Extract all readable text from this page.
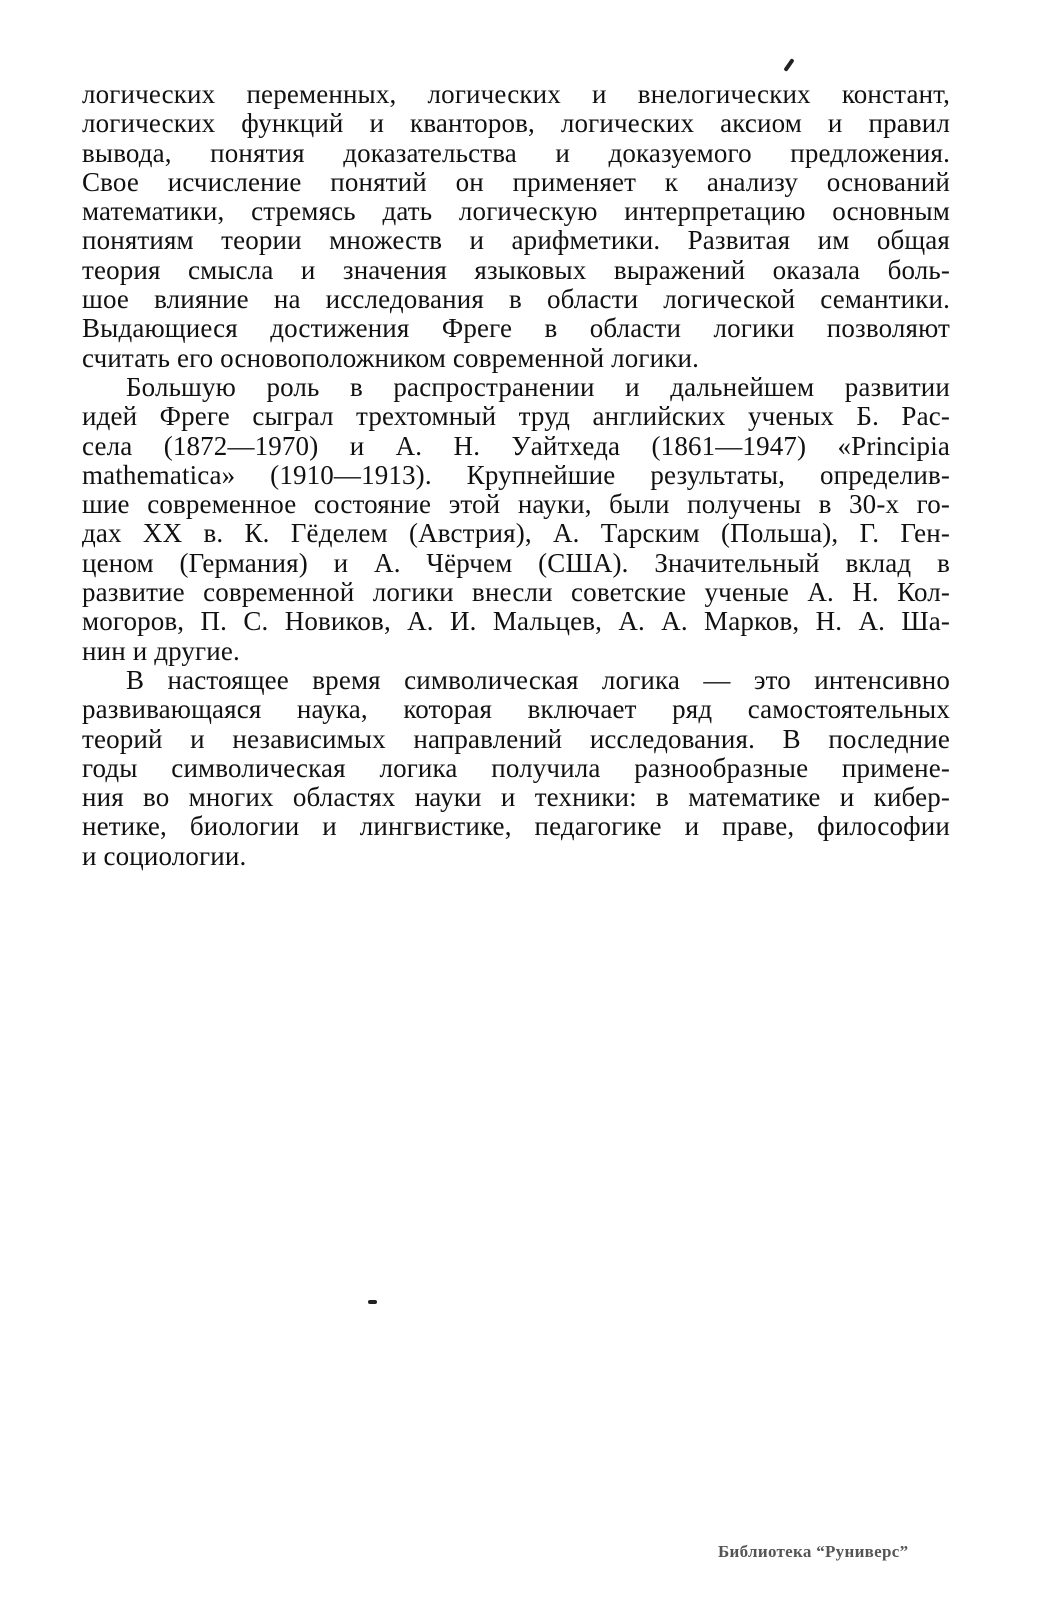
логических переменных, логических и внелогических констант,
логических функций и кванторов, логических аксиом и правил
вывода, понятия доказательства и доказуемого предложения.
Свое исчисление понятий он применяет к анализу оснований
математики, стремясь дать логическую интерпретацию основным
понятиям теории множеств и арифметики. Развитая им общая
теория смысла и значения языковых выражений оказала боль-
шое влияние на исследования в области логической семантики.
Выдающиеся достижения Фреге в области логики позволяют
считать его основоположником современной логики.
Большую роль в распространении и дальнейшем развитии
идей Фреге сыграл трехтомный труд английских ученых Б. Рас-
села (1872—1970) и А. Н. Уайтхеда (1861—1947) «Principia
mathematica» (1910—1913). Крупнейшие результаты, определив-
шие современное состояние этой науки, были получены в 30-х го-
дах XX в. К. Гёделем (Австрия), А. Тарским (Польша), Г. Ген-
ценом (Германия) и А. Чёрчем (США). Значительный вклад в
развитие современной логики внесли советские ученые А. Н. Кол-
могоров, П. С. Новиков, А. И. Мальцев, А. А. Марков, Н. А. Ша-
нин и другие.
В настоящее время символическая логика — это интенсивно
развивающаяся наука, которая включает ряд самостоятельных
теорий и независимых направлений исследования. В последние
годы символическая логика получила разнообразные примене-
ния во многих областях науки и техники: в математике и кибер-
нетике, биологии и лингвистике, педагогике и праве, философии
и социологии.
Библиотека “Руниверс”
